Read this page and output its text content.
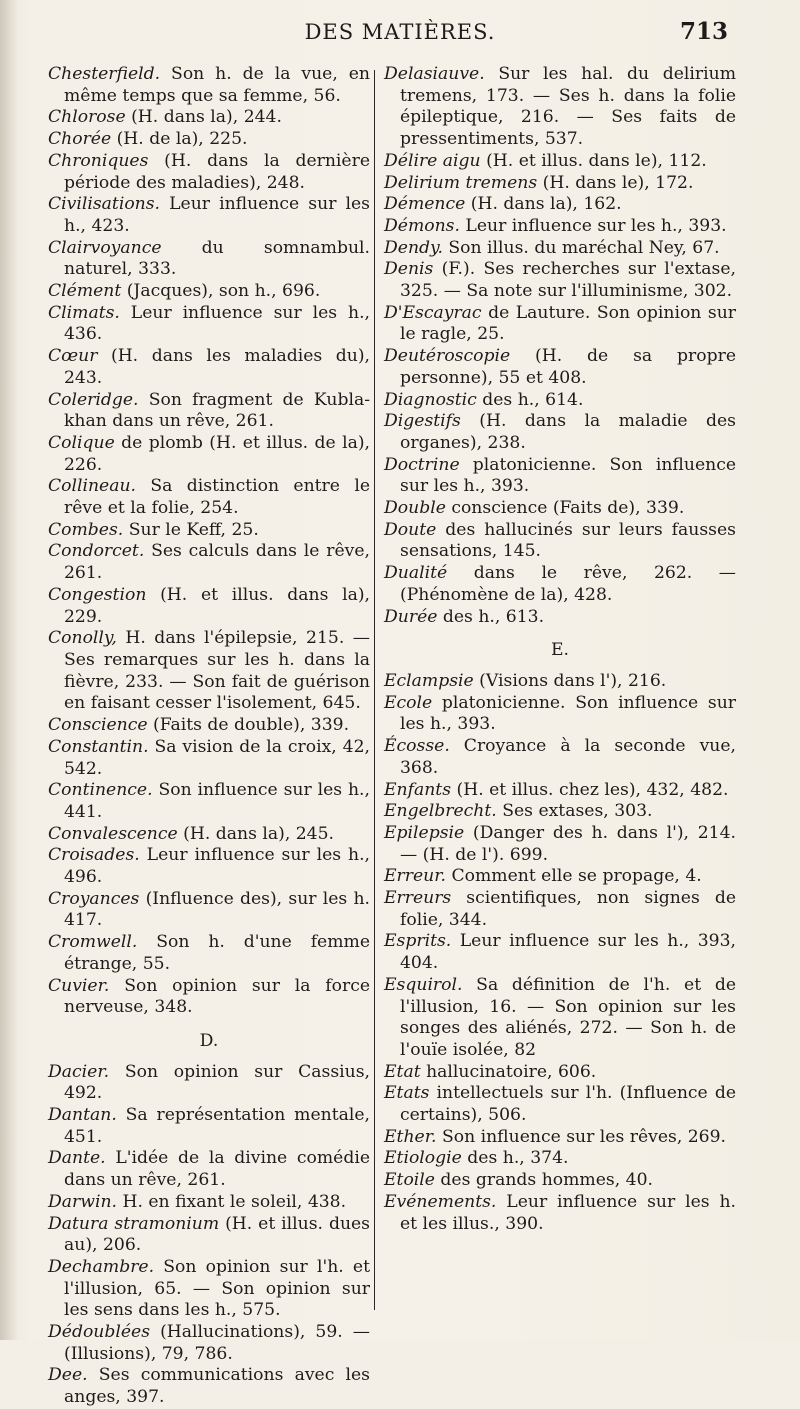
DES MATIÈRES.	713
Chesterfield. Son h. de la vue, en même temps que sa femme, 56.
Chlorose (H. dans la), 244.
Chorée (H. de la), 225.
Chroniques (H. dans la dernière période des maladies), 248.
Civilisations. Leur influence sur les h., 423.
Clairvoyance du somnambul. naturel, 333.
Clément (Jacques), son h., 696.
Climats. Leur influence sur les h., 436.
Cœur (H. dans les maladies du), 243.
Coleridge. Son fragment de Kubla-khan dans un rêve, 261.
Colique de plomb (H. et illus. de la), 226.
Collineau. Sa distinction entre le rêve et la folie, 254.
Combes. Sur le Keff, 25.
Condorcet. Ses calculs dans le rêve, 261.
Congestion (H. et illus. dans la), 229.
Conolly, H. dans l'épilepsie, 215. — Ses remarques sur les h. dans la fièvre, 233. — Son fait de guérison en faisant cesser l'isolement, 645.
Conscience (Faits de double), 339.
Constantin. Sa vision de la croix, 42, 542.
Continence. Son influence sur les h., 441.
Convalescence (H. dans la), 245.
Croisades. Leur influence sur les h., 496.
Croyances (Influence des), sur les h. 417.
Cromwell. Son h. d'une femme étrange, 55.
Cuvier. Son opinion sur la force nerveuse, 348.
D.
Dacier. Son opinion sur Cassius, 492.
Dantan. Sa représentation mentale, 451.
Dante. L'idée de la divine comédie dans un rêve, 261.
Darwin. H. en fixant le soleil, 438.
Datura stramonium (H. et illus. dues au), 206.
Dechambre. Son opinion sur l'h. et l'illusion, 65. — Son opinion sur les sens dans les h., 575.
Dédoublées (Hallucinations), 59. — (Illusions), 79, 786.
Dee. Ses communications avec les anges, 397.
Delasiauve. Sur les hal. du delirium tremens, 173. — Ses h. dans la folie épileptique, 216. — Ses faits de pressentiments, 537.
Délire aigu (H. et illus. dans le), 112.
Delirium tremens (H. dans le), 172.
Démence (H. dans la), 162.
Démons. Leur influence sur les h., 393.
Dendy. Son illus. du maréchal Ney, 67.
Denis (F.). Ses recherches sur l'extase, 325. — Sa note sur l'illuminisme, 302.
D'Escayrac de Lauture. Son opinion sur le ragle, 25.
Deutéroscopie (H. de sa propre personne), 55 et 408.
Diagnostic des h., 614.
Digestifs (H. dans la maladie des organes), 238.
Doctrine platonicienne. Son influence sur les h., 393.
Double conscience (Faits de), 339.
Doute des hallucinés sur leurs fausses sensations, 145.
Dualité dans le rêve, 262. — (Phénomène de la), 428.
Durée des h., 613.
E.
Eclampsie (Visions dans l'), 216.
Ecole platonicienne. Son influence sur les h., 393.
Écosse. Croyance à la seconde vue, 368.
Enfants (H. et illus. chez les), 432, 482.
Engelbrecht. Ses extases, 303.
Epilepsie (Danger des h. dans l'), 214. — (H. de l'). 699.
Erreur. Comment elle se propage, 4.
Erreurs scientifiques, non signes de folie, 344.
Esprits. Leur influence sur les h., 393, 404.
Esquirol. Sa définition de l'h. et de l'illusion, 16. — Son opinion sur les songes des aliénés, 272. — Son h. de l'ouïe isolée, 82
Etat hallucinatoire, 606.
Etats intellectuels sur l'h. (Influence de certains), 506.
Ether. Son influence sur les rêves, 269.
Etiologie des h., 374.
Etoile des grands hommes, 40.
Evénements. Leur influence sur les h. et les illus., 390.
